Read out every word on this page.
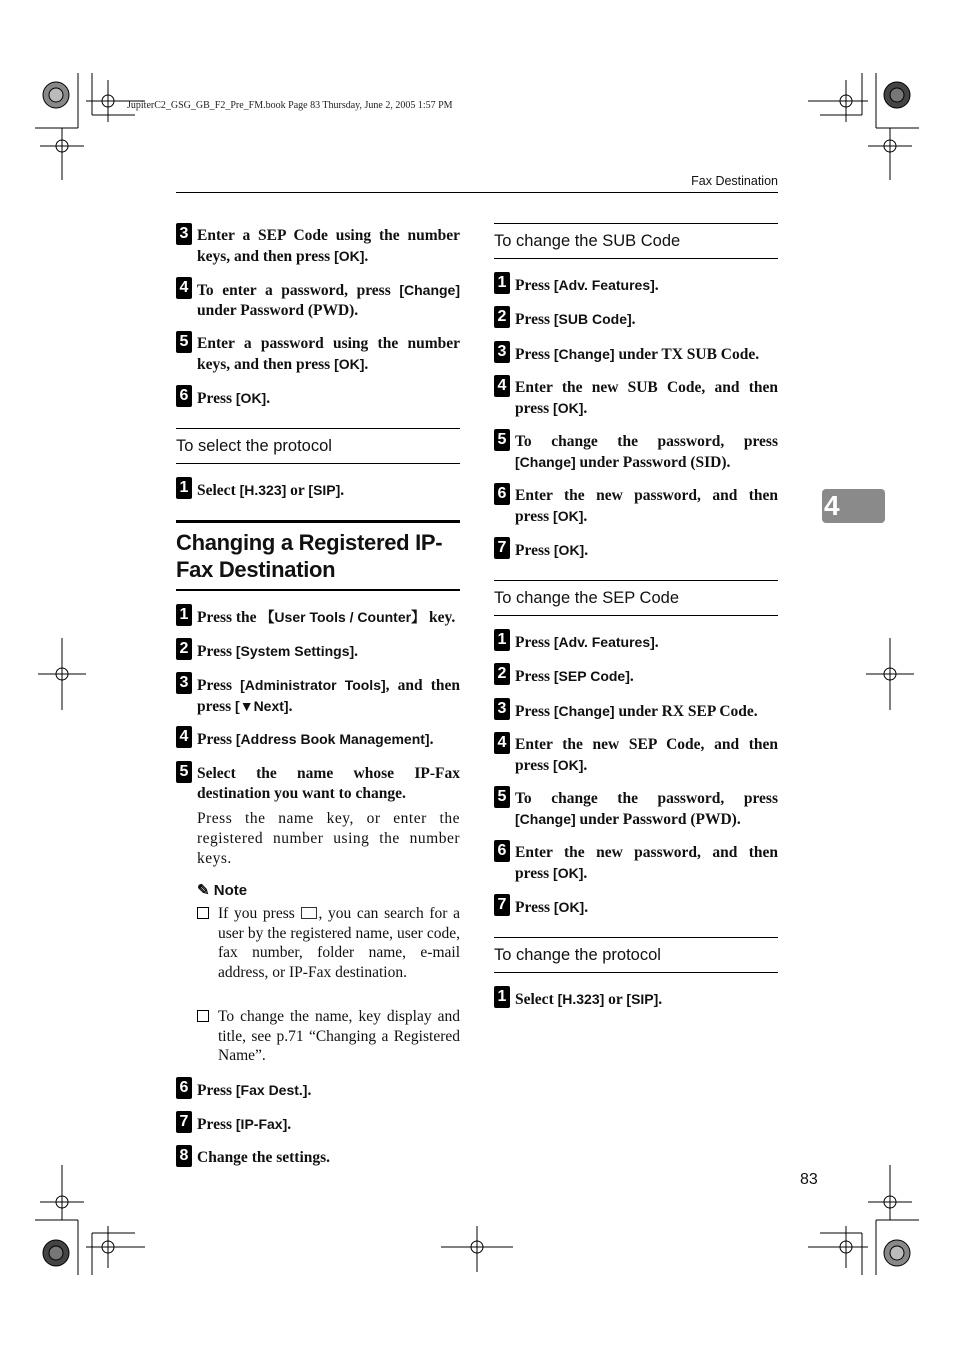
JupiterC2_GSG_GB_F2_Pre_FM.book Page 83 Thursday, June 2, 2005 1:57 PM
Fax Destination
4
83
3 Enter a SEP Code using the number keys, and then press [OK].
4 To enter a password, press [Change] under Password (PWD).
5 Enter a password using the number keys, and then press [OK].
6 Press [OK].
To select the protocol
1 Select [H.323] or [SIP].
Changing a Registered IP-Fax Destination
1 Press the 【User Tools / Counter】 key.
2 Press [System Settings].
3 Press [Administrator Tools], and then press [▼Next].
4 Press [Address Book Management].
5 Select the name whose IP-Fax destination you want to change.
Press the name key, or enter the registered number using the number keys.
✎ Note
If you press , you can search for a user by the registered name, user code, fax number, folder name, e-mail address, or IP-Fax destination.
To change the name, key display and title, see p.71 “Changing a Registered Name”.
6 Press [Fax Dest.].
7 Press [IP-Fax].
8 Change the settings.
To change the SUB Code
1 Press [Adv. Features].
2 Press [SUB Code].
3 Press [Change] under TX SUB Code.
4 Enter the new SUB Code, and then press [OK].
5 To change the password, press [Change] under Password (SID).
6 Enter the new password, and then press [OK].
7 Press [OK].
To change the SEP Code
1 Press [Adv. Features].
2 Press [SEP Code].
3 Press [Change] under RX SEP Code.
4 Enter the new SEP Code, and then press [OK].
5 To change the password, press [Change] under Password (PWD).
6 Enter the new password, and then press [OK].
7 Press [OK].
To change the protocol
1 Select [H.323] or [SIP].
